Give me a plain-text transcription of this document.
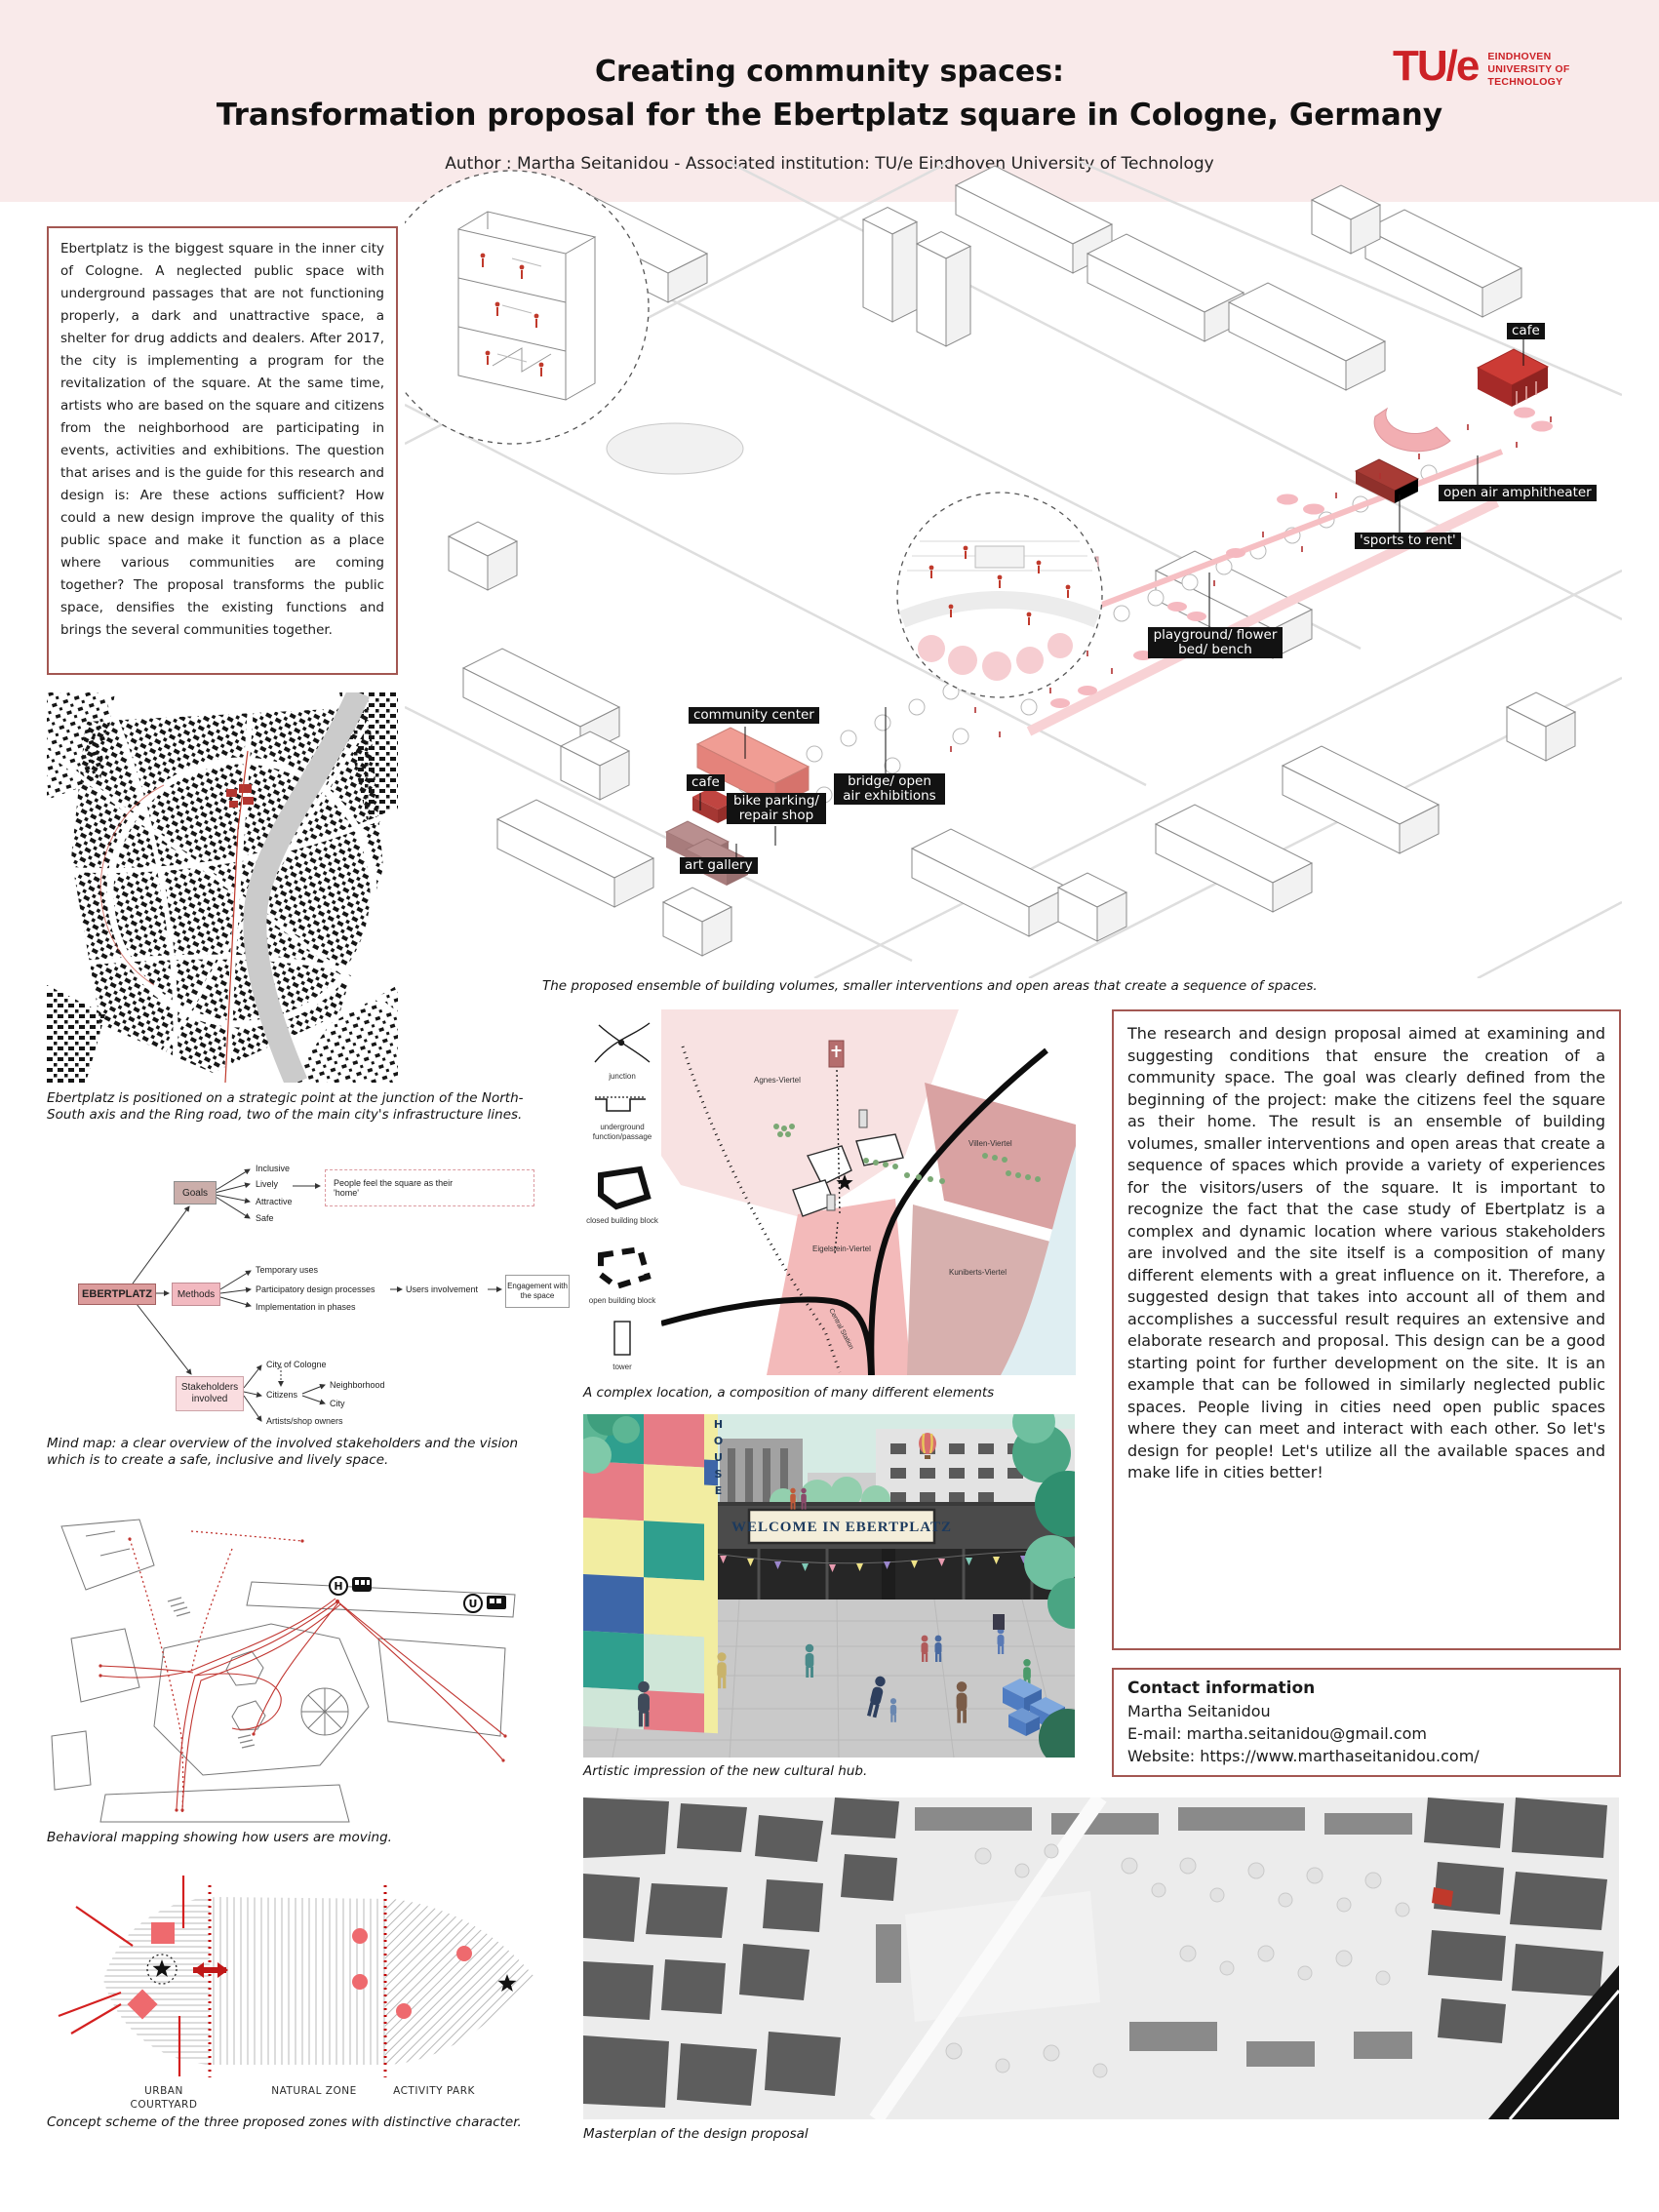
Creating community spaces:
Transformation proposal for the Ebertplatz square in Cologne, Germany
Author : Martha Seitanidou - Associated institution: TU/e Eindhoven University of Technology
TU/e EINDHOVEN
UNIVERSITY OF
TECHNOLOGY
Ebertplatz is the biggest square in the inner city of Cologne. A neglected public space with underground passages that are not functioning properly, a dark and unattractive space, a shelter for drug addicts and dealers. After 2017, the city is implementing a program for the revitalization of the square. At the same time, artists who are based on the square and citizens from the neighborhood are participating in events, activities and exhibitions. The question that arises and is the guide for this research and design is: Are these actions sufficient? How could a new design improve the quality of this public space and make it function as a place where various communities are coming together? The proposal transforms the public space, densifies the existing functions and brings the several communities together.
Ebertplatz is positioned on a strategic point at the junction of the North-South axis and the Ring road, two of the main city's infrastructure lines.
EBERTPLATZ
Goals
Inclusive
Lively
Attractive
Safe
People feel the square as their 'home'
Methods
Temporary uses
Participatory design processes
Implementation in phases
Users involvement	Engagement with the space
Stakeholders involved
City of Cologne
Citizens
Artists/shop owners
Neighborhood
City
Mind map: a clear overview of the involved stakeholders and the vision which is to create a safe, inclusive and lively space.
H
U
Behavioral mapping showing how users are moving.
URBAN COURTYARD
NATURAL ZONE	ACTIVITY PARK
Concept scheme of the three proposed zones with distinctive character.
community center
cafe
bike parking/ repair shop
bridge/ open air exhibitions
art gallery
playground/ flower bed/ bench
'sports to rent'
open air amphitheater
cafe
The proposed ensemble of building volumes, smaller interventions and open areas that create a sequence of spaces.
junction
underground function/passage
closed building block
open building block
tower
Agnes-Viertel
Villen-Viertel
Eigelstein-Viertel
Kuniberts-Viertel
Central Station
A complex location, a composition of many different elements
WELCOME IN EBERTPLATZ
HOUSE
Artistic impression of the new cultural hub.
Masterplan of the design proposal
The research and design proposal aimed at examining and suggesting conditions that ensure the creation of a community space. The goal was clearly defined from the beginning of the project: make the citizens feel the square as their home. The result is an ensemble of building volumes, smaller interventions and open areas that create a sequence of spaces which provide a variety of experiences for the visitors/users of the square. It is important to recognize the fact that the case study of Ebertplatz is a complex and dynamic location where various stakeholders are involved and the site itself is a composition of many different elements with a great influence on it. Therefore, a suggested design that takes into account all of them and accomplishes a successful result requires an extensive and elaborate research and proposal. This design can be a good starting point for further development on the site. It is an example that can be followed in similarly neglected public spaces. People living in cities need open public spaces where they can meet and interact with each other. So let's design for people! Let's utilize all the available spaces and make life in cities better!
Contact information
Martha Seitanidou
E-mail: martha.seitanidou@gmail.com
Website: https://www.marthaseitanidou.com/
